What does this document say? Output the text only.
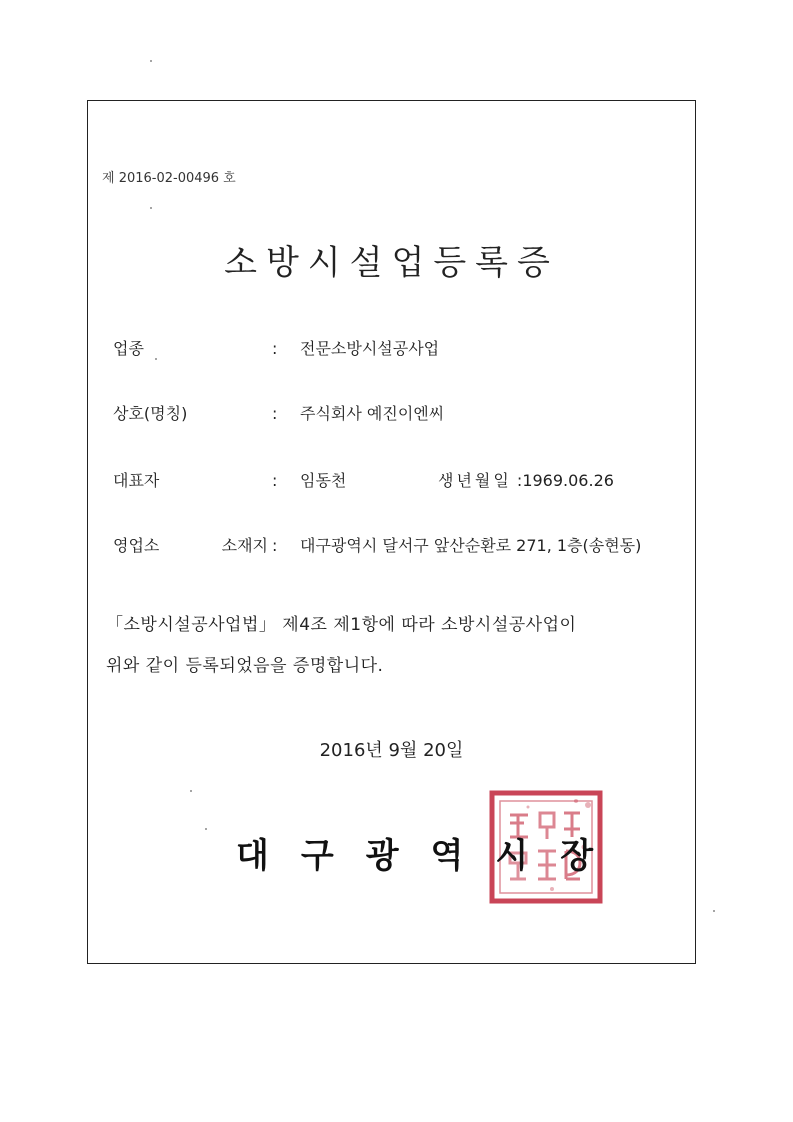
제 2016-02-00496 호
소방시설업등록증
업종	: 전문소방시설공사업
상호(명칭)	: 주식회사 예진이엔씨
대표자	: 임동천	생년월일 :1969.06.26
영업소 소재지 : 대구광역시 달서구 앞산순환로 271, 1층(송현동)
「소방시설공사업법」 제4조 제1항에 따라 소방시설공사업이
위와 같이 등록되었음을 증명합니다.
2016년 9월 20일
대구광역시장
